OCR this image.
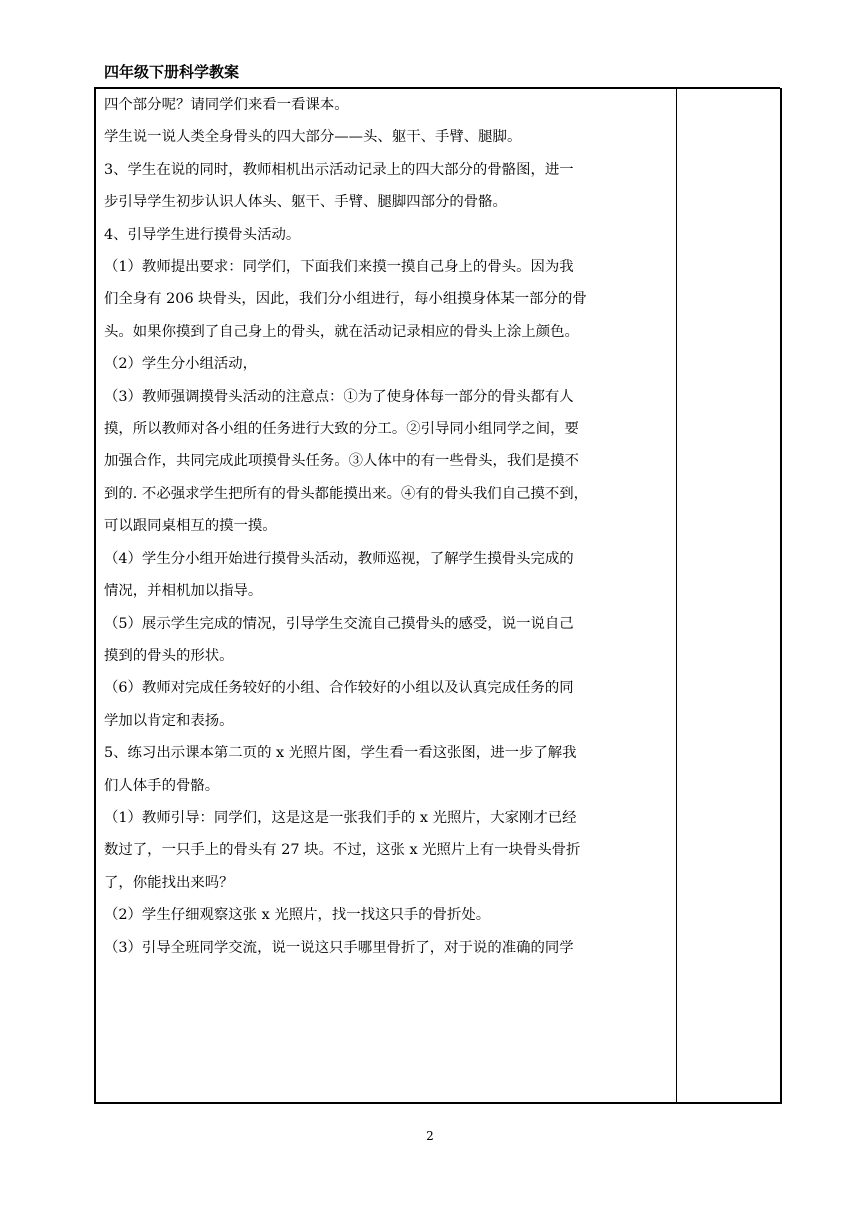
四年级下册科学教案

四个部分呢？请同学们来看一看课本。

学生说一说人类全身骨头的四大部分——头、躯干、手臂、腿脚。

3、学生在说的同时，教师相机出示活动记录上的四大部分的骨骼图，进一

步引导学生初步认识人体头、躯干、手臂、腿脚四部分的骨骼。

4、引导学生进行摸骨头活动。

（1）教师提出要求：同学们，下面我们来摸一摸自己身上的骨头。因为我

们全身有 206 块骨头，因此，我们分小组进行，每小组摸身体某一部分的骨

头。如果你摸到了自己身上的骨头，就在活动记录相应的骨头上涂上颜色。

（2）学生分小组活动，

（3）教师强调摸骨头活动的注意点：①为了使身体每一部分的骨头都有人

摸，所以教师对各小组的任务进行大致的分工。②引导同小组同学之间，要

加强合作，共同完成此项摸骨头任务。③人体中的有一些骨头，我们是摸不

到的. 不必强求学生把所有的骨头都能摸出来。④有的骨头我们自己摸不到，

可以跟同桌相互的摸一摸。

（4）学生分小组开始进行摸骨头活动，教师巡视，了解学生摸骨头完成的

情况，并相机加以指导。

（5）展示学生完成的情况，引导学生交流自己摸骨头的感受，说一说自己

摸到的骨头的形状。

（6）教师对完成任务较好的小组、合作较好的小组以及认真完成任务的同

学加以肯定和表扬。

5、练习出示课本第二页的 x 光照片图，学生看一看这张图，进一步了解我

们人体手的骨骼。

（1）教师引导：同学们，这是这是一张我们手的 x 光照片，大家刚才已经

数过了，一只手上的骨头有 27 块。不过，这张 x 光照片上有一块骨头骨折

了，你能找出来吗？

（2）学生仔细观察这张 x 光照片，找一找这只手的骨折处。

（3）引导全班同学交流，说一说这只手哪里骨折了，对于说的准确的同学

2
